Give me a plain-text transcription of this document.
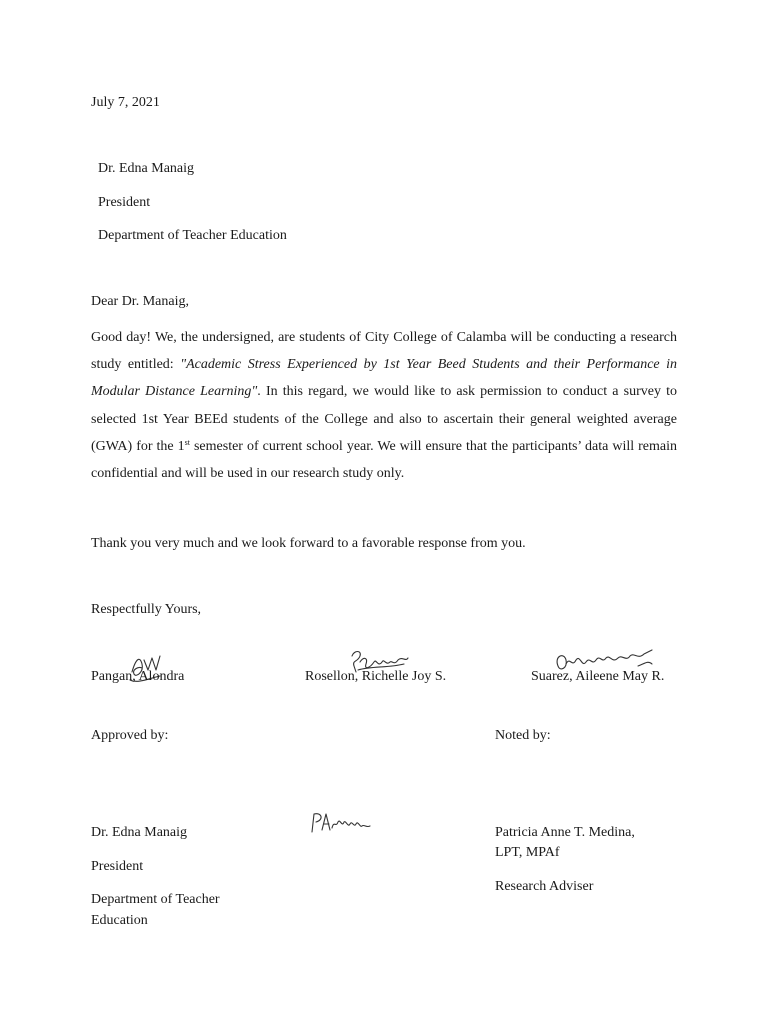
July 7, 2021
Dr. Edna Manaig
President
Department of Teacher Education
Dear Dr. Manaig,
Good day! We, the undersigned, are students of City College of Calamba will be conducting a research study entitled: "Academic Stress Experienced by 1st Year Beed Students and their Performance in Modular Distance Learning". In this regard, we would like to ask permission to conduct a survey to selected 1st Year BEEd students of the College and also to ascertain their general weighted average (GWA) for the 1st semester of current school year. We will ensure that the participants’ data will remain confidential and will be used in our research study only.
Thank you very much and we look forward to a favorable response from you.
Respectfully Yours,
Pangan, Alondra	Rosellon, Richelle Joy S.	Suarez, Aileene May R.
Approved by:	Noted by:
Dr. Edna Manaig
President
Department of Teacher
Education
Patricia Anne T. Medina,
LPT, MPAf
Research Adviser
